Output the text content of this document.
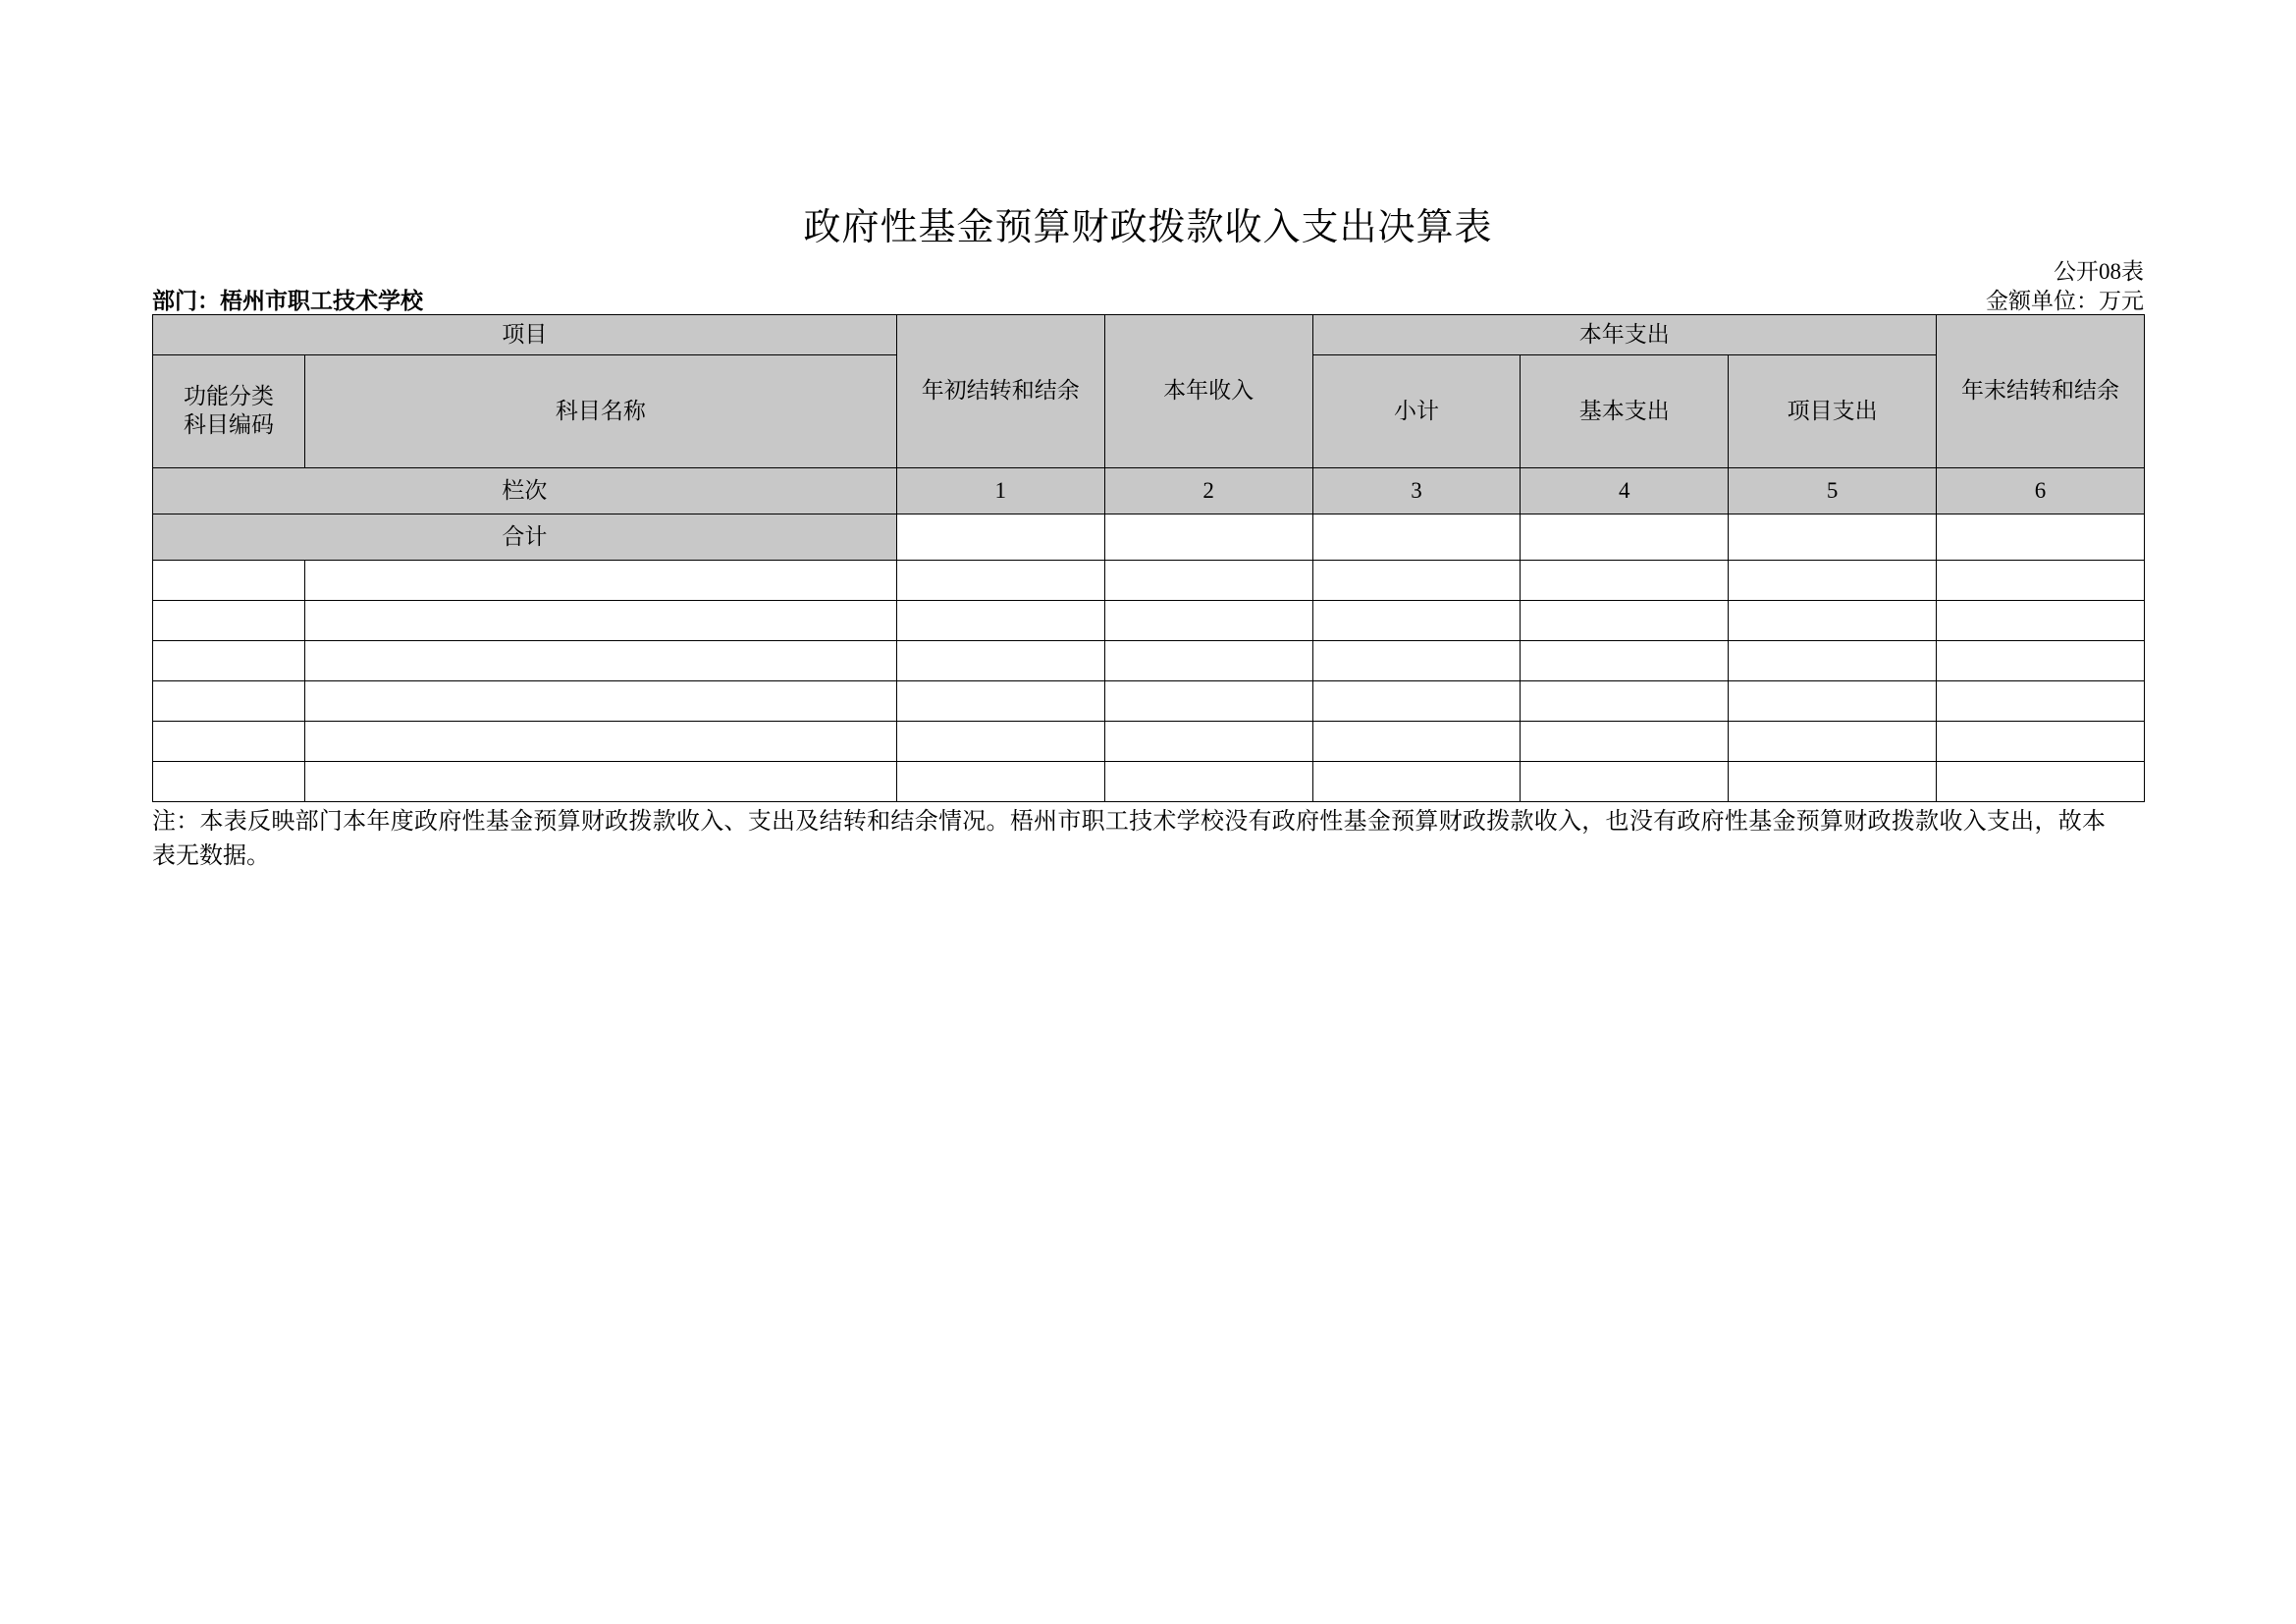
政府性基金预算财政拨款收入支出决算表
公开08表
部门：梧州市职工技术学校	金额单位：万元
项目		年初结转和结余	本年收入	本年支出			年末结转和结余
功能分类
科目编码	科目名称			小计	基本支出	项目支出	
栏次		1	2	3	4	5	6
合计							

注：本表反映部门本年度政府性基金预算财政拨款收入、支出及结转和结余情况。梧州市职工技术学校没有政府性基金预算财政拨款收入，也没有政府性基金预算财政拨款收入支出，故本表无数据。
